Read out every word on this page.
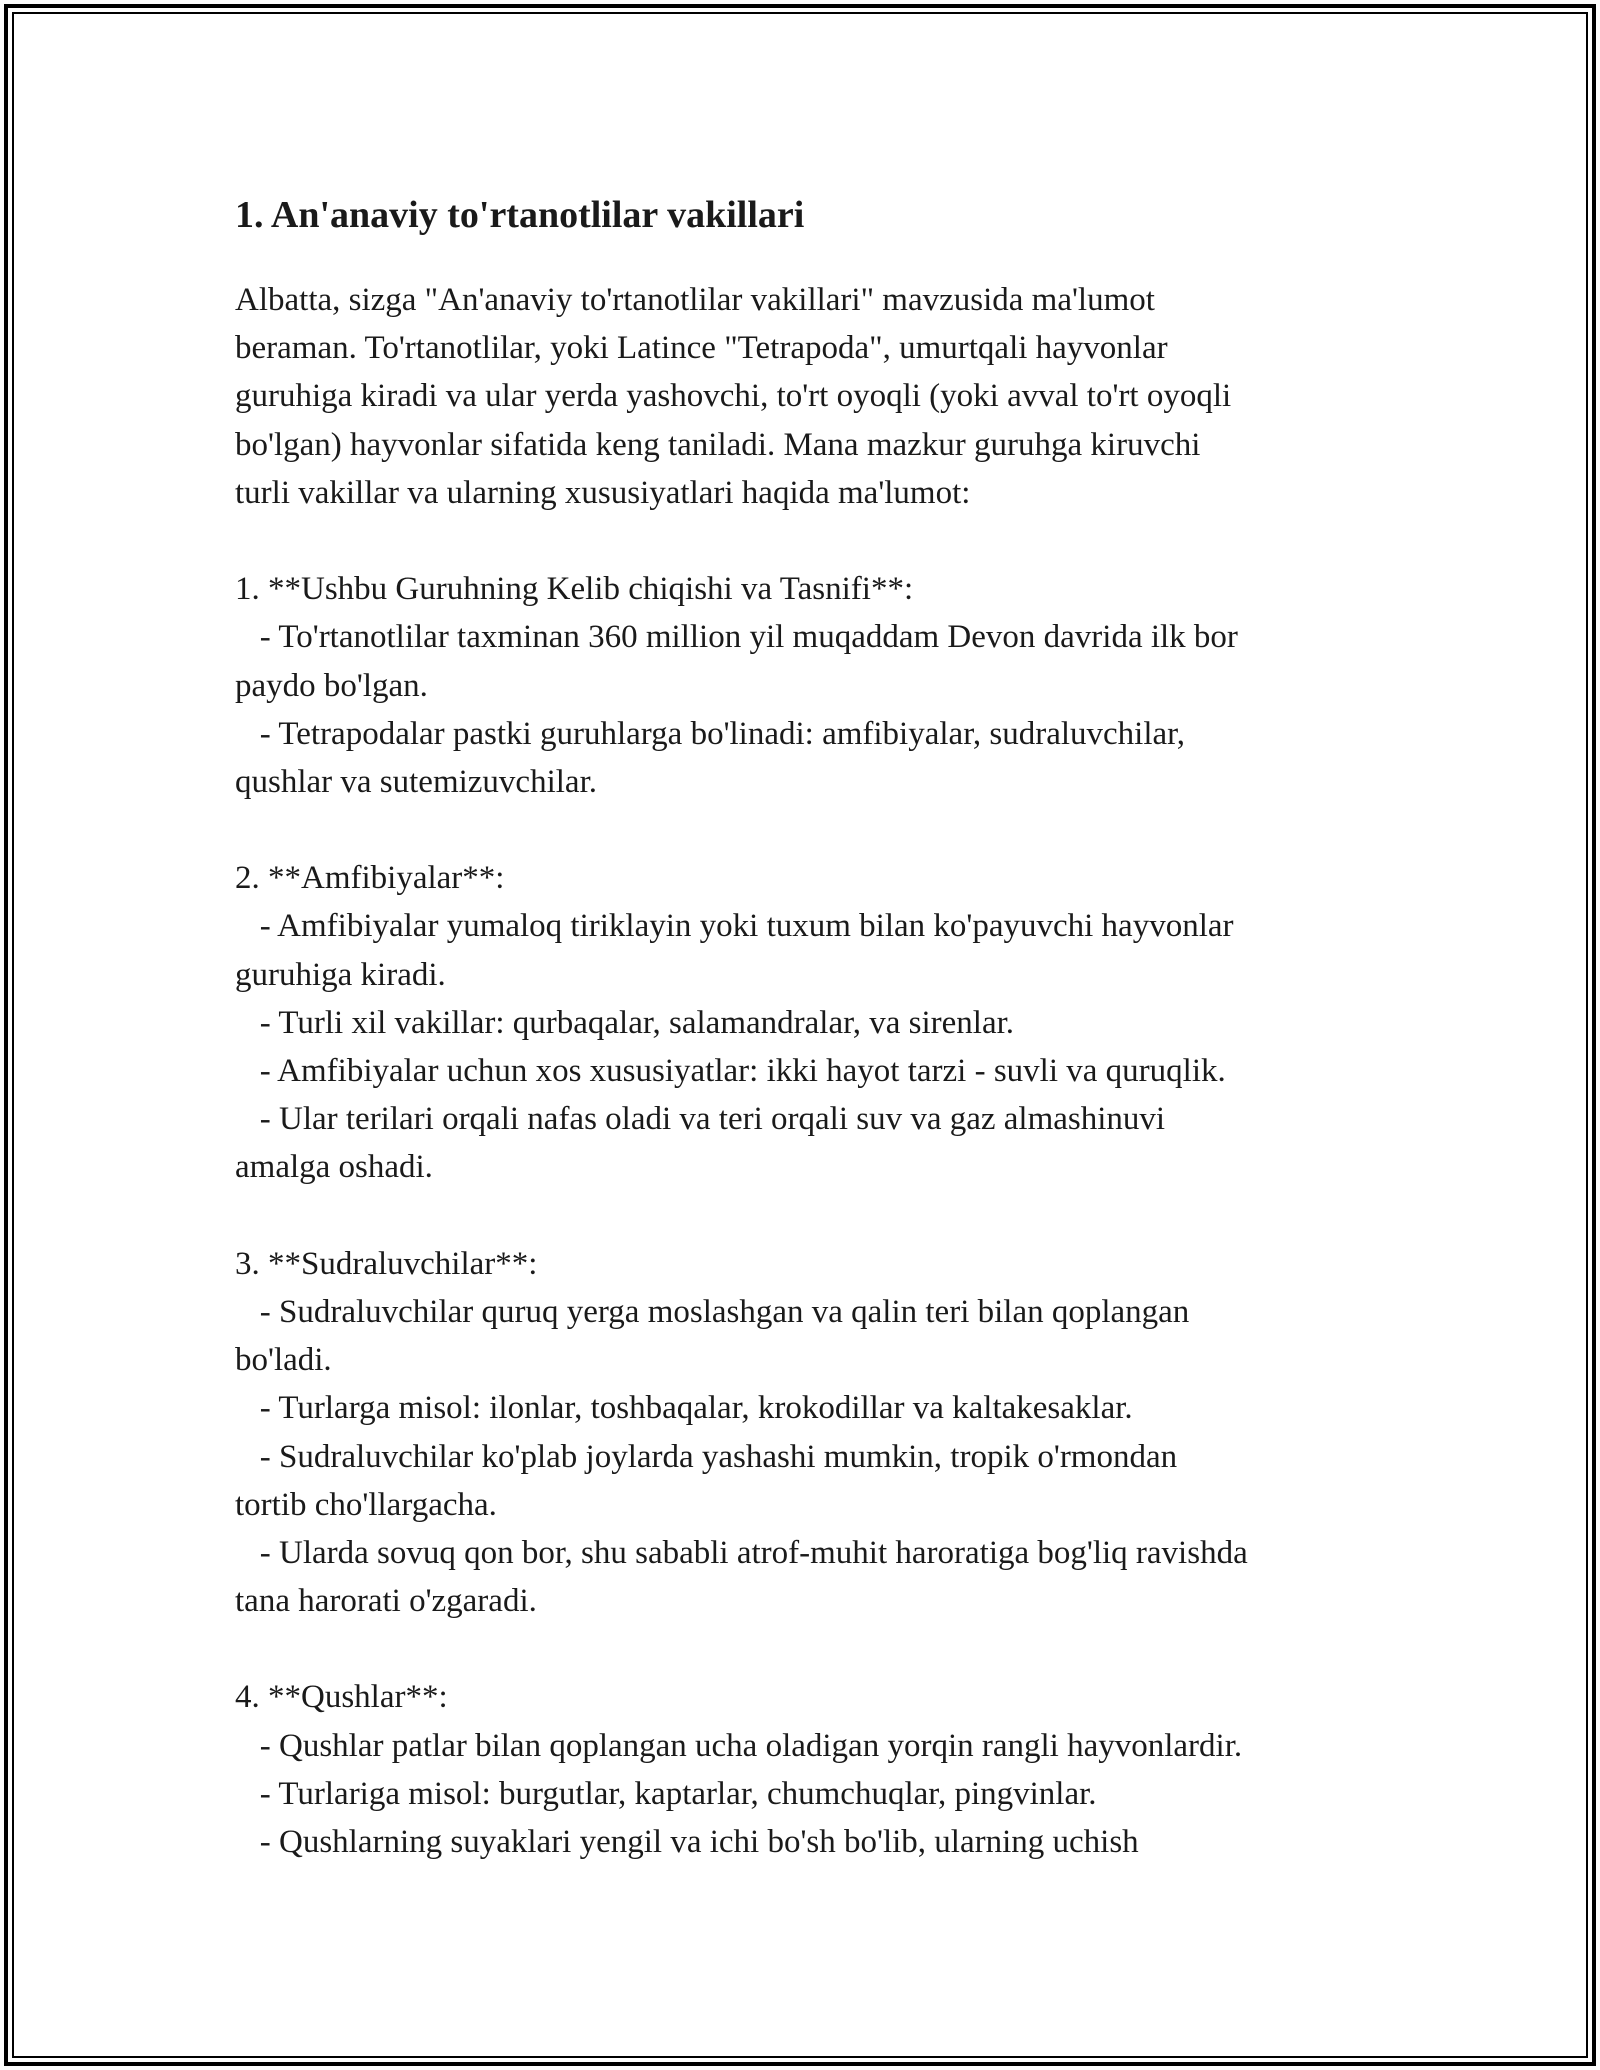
1. An'anaviy to'rtanotlilar vakillari
Albatta, sizga "An'anaviy to'rtanotlilar vakillari" mavzusida ma'lumot
beraman. To'rtanotlilar, yoki Latince "Tetrapoda", umurtqali hayvonlar
guruhiga kiradi va ular yerda yashovchi, to'rt oyoqli (yoki avval to'rt oyoqli
bo'lgan) hayvonlar sifatida keng taniladi. Mana mazkur guruhga kiruvchi
turli vakillar va ularning xususiyatlari haqida ma'lumot:
1. **Ushbu Guruhning Kelib chiqishi va Tasnifi**:
- To'rtanotlilar taxminan 360 million yil muqaddam Devon davrida ilk bor
paydo bo'lgan.
- Tetrapodalar pastki guruhlarga bo'linadi: amfibiyalar, sudraluvchilar,
qushlar va sutemizuvchilar.
2. **Amfibiyalar**:
- Amfibiyalar yumaloq tiriklayin yoki tuxum bilan ko'payuvchi hayvonlar
guruhiga kiradi.
- Turli xil vakillar: qurbaqalar, salamandralar, va sirenlar.
- Amfibiyalar uchun xos xususiyatlar: ikki hayot tarzi - suvli va quruqlik.
- Ular terilari orqali nafas oladi va teri orqali suv va gaz almashinuvi
amalga oshadi.
3. **Sudraluvchilar**:
- Sudraluvchilar quruq yerga moslashgan va qalin teri bilan qoplangan
bo'ladi.
- Turlarga misol: ilonlar, toshbaqalar, krokodillar va kaltakesaklar.
- Sudraluvchilar ko'plab joylarda yashashi mumkin, tropik o'rmondan
tortib cho'llargacha.
- Ularda sovuq qon bor, shu sababli atrof-muhit haroratiga bog'liq ravishda
tana harorati o'zgaradi.
4. **Qushlar**:
- Qushlar patlar bilan qoplangan ucha oladigan yorqin rangli hayvonlardir.
- Turlariga misol: burgutlar, kaptarlar, chumchuqlar, pingvinlar.
- Qushlarning suyaklari yengil va ichi bo'sh bo'lib, ularning uchish
